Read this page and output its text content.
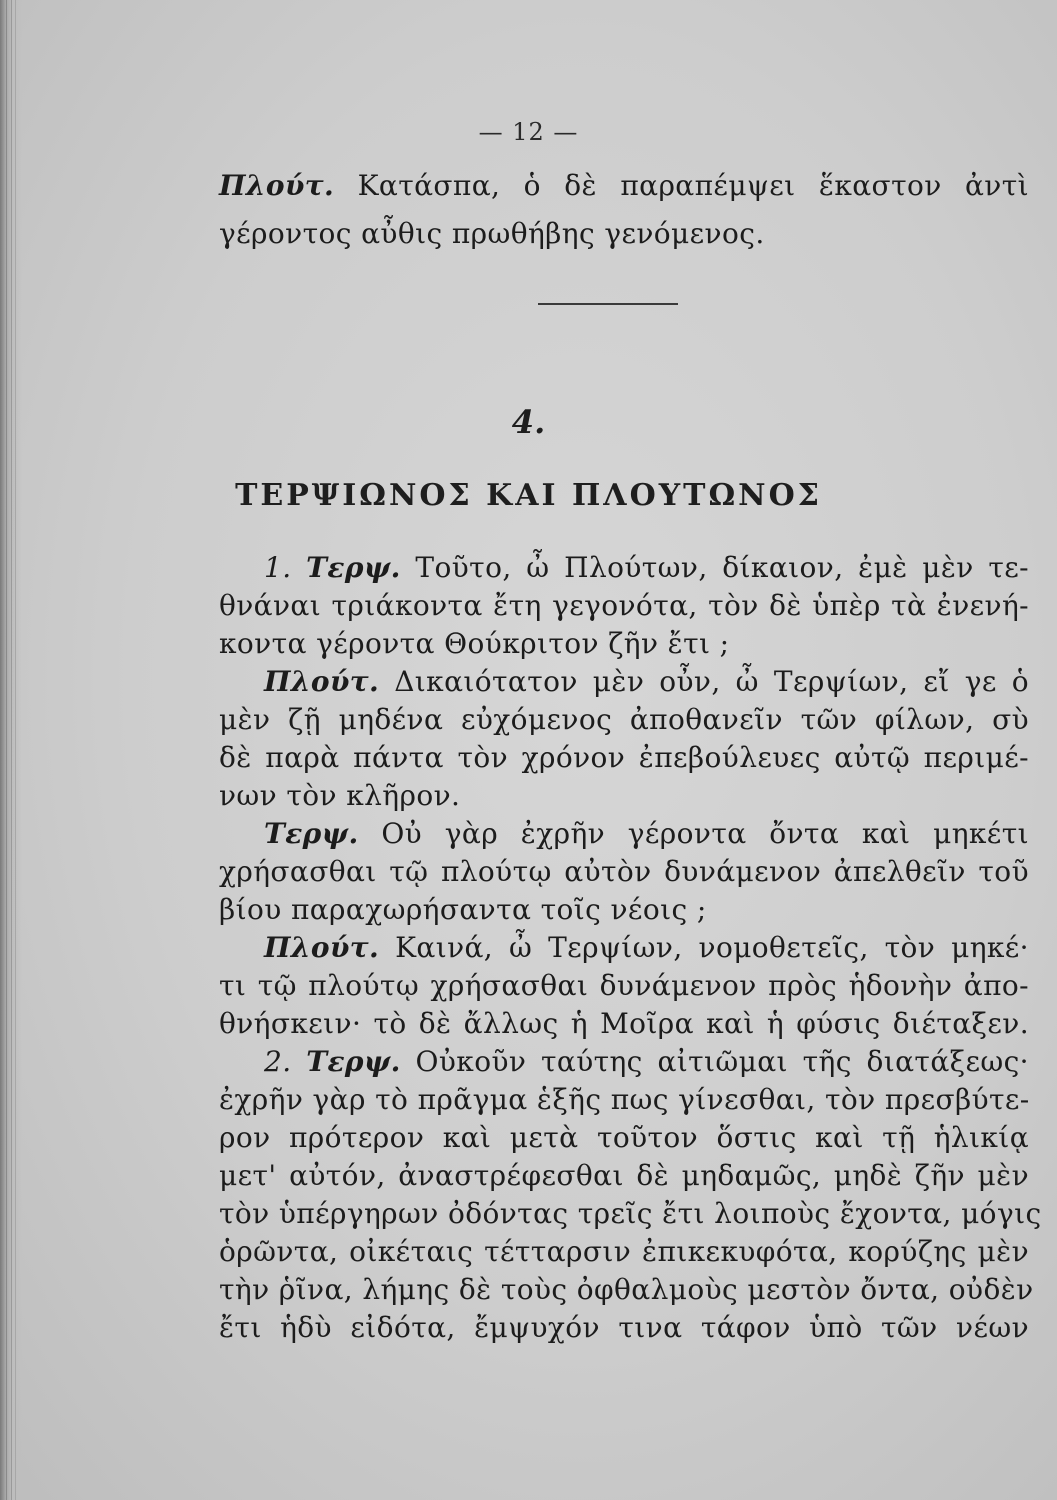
— 12 —
Πλούτ. Κατάσπα, ὁ δὲ παραπέμψει ἕκαστον ἀντὶ
γέροντος αὖθις πρωθήβης γενόμενος.
4.
ΤΕΡΨΙΩΝΟΣ ΚΑΙ ΠΛΟΥΤΩΝΟΣ
1. Τερψ. Τοῦτο, ὦ Πλούτων, δίκαιον, ἐμὲ μὲν τε-
θνάναι τριάκοντα ἔτη γεγονότα, τὸν δὲ ὑπὲρ τὰ ἐνενή-
κοντα γέροντα Θούκριτον ζῆν ἔτι ;
Πλούτ. Δικαιότατον μὲν οὖν, ὦ Τερψίων, εἴ γε ὁ
μὲν ζῇ μηδένα εὐχόμενος ἀποθανεῖν τῶν φίλων, σὺ
δὲ παρὰ πάντα τὸν χρόνον ἐπεβούλευες αὐτῷ περιμέ-
νων τὸν κλῆρον.
Τερψ. Οὐ γὰρ ἐχρῆν γέροντα ὄντα καὶ μηκέτι
χρήσασθαι τῷ πλούτῳ αὐτὸν δυνάμενον ἀπελθεῖν τοῦ
βίου παραχωρήσαντα τοῖς νέοις ;
Πλούτ. Καινά, ὦ Τερψίων, νομοθετεῖς, τὸν μηκέ·
τι τῷ πλούτῳ χρήσασθαι δυνάμενον πρὸς ἡδονὴν ἀπο-
θνήσκειν· τὸ δὲ ἄλλως ἡ Μοῖρα καὶ ἡ φύσις διέταξεν.
2. Τερψ. Οὐκοῦν ταύτης αἰτιῶμαι τῆς διατάξεως·
ἐχρῆν γὰρ τὸ πρᾶγμα ἑξῆς πως γίνεσθαι, τὸν πρεσβύτε-
ρον πρότερον καὶ μετὰ τοῦτον ὅστις καὶ τῇ ἡλικίᾳ
μετ' αὐτόν, ἀναστρέφεσθαι δὲ μηδαμῶς, μηδὲ ζῆν μὲν
τὸν ὑπέργηρων ὀδόντας τρεῖς ἔτι λοιποὺς ἔχοντα, μόγις
ὁρῶντα, οἰκέταις τέτταρσιν ἐπικεκυφότα, κορύζης μὲν
τὴν ῥῖνα, λήμης δὲ τοὺς ὀφθαλμοὺς μεστὸν ὄντα, οὐδὲν
ἔτι ἡδὺ εἰδότα, ἔμψυχόν τινα τάφον ὑπὸ τῶν νέων
